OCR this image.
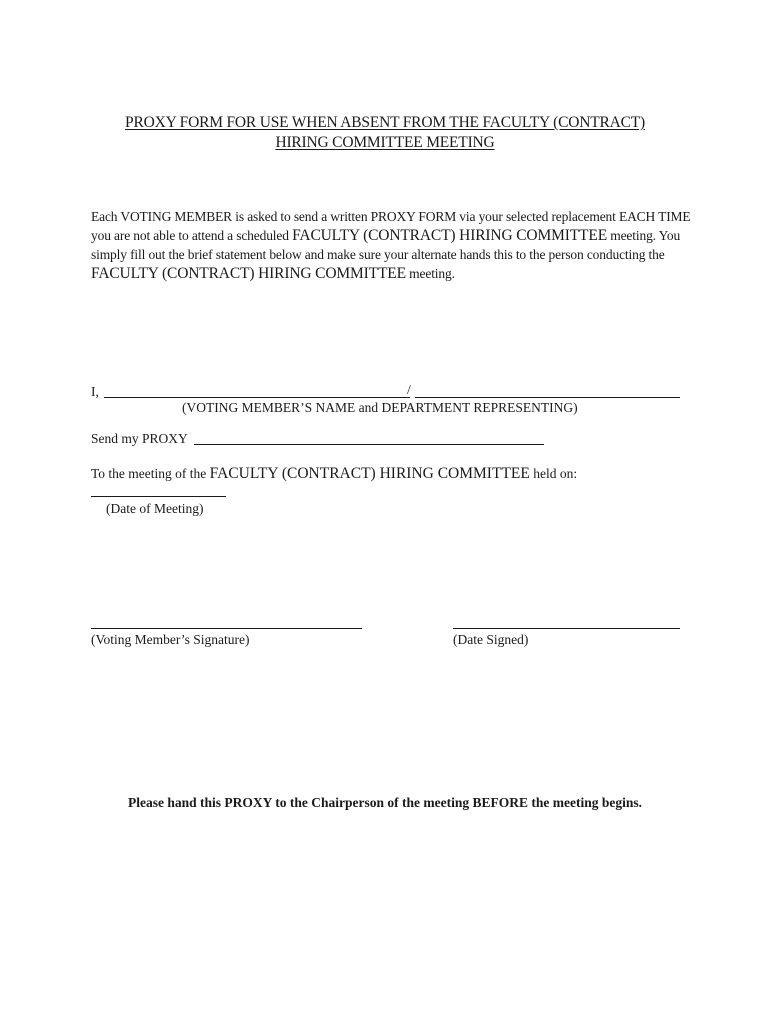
PROXY FORM FOR USE WHEN ABSENT FROM THE FACULTY (CONTRACT)
HIRING COMMITTEE MEETING
Each VOTING MEMBER is asked to send a written PROXY FORM via your selected replacement EACH TIME you are not able to attend a scheduled FACULTY (CONTRACT) HIRING COMMITTEE meeting. You simply fill out the brief statement below and make sure your alternate hands this to the person conducting the FACULTY (CONTRACT) HIRING COMMITTEE meeting.
I,	/
(VOTING MEMBER’S NAME and DEPARTMENT REPRESENTING)
Send my PROXY
To the meeting of the FACULTY (CONTRACT) HIRING COMMITTEE held on:
(Date of Meeting)
(Voting Member’s Signature)	(Date Signed)
Please hand this PROXY to the Chairperson of the meeting BEFORE the meeting begins.
